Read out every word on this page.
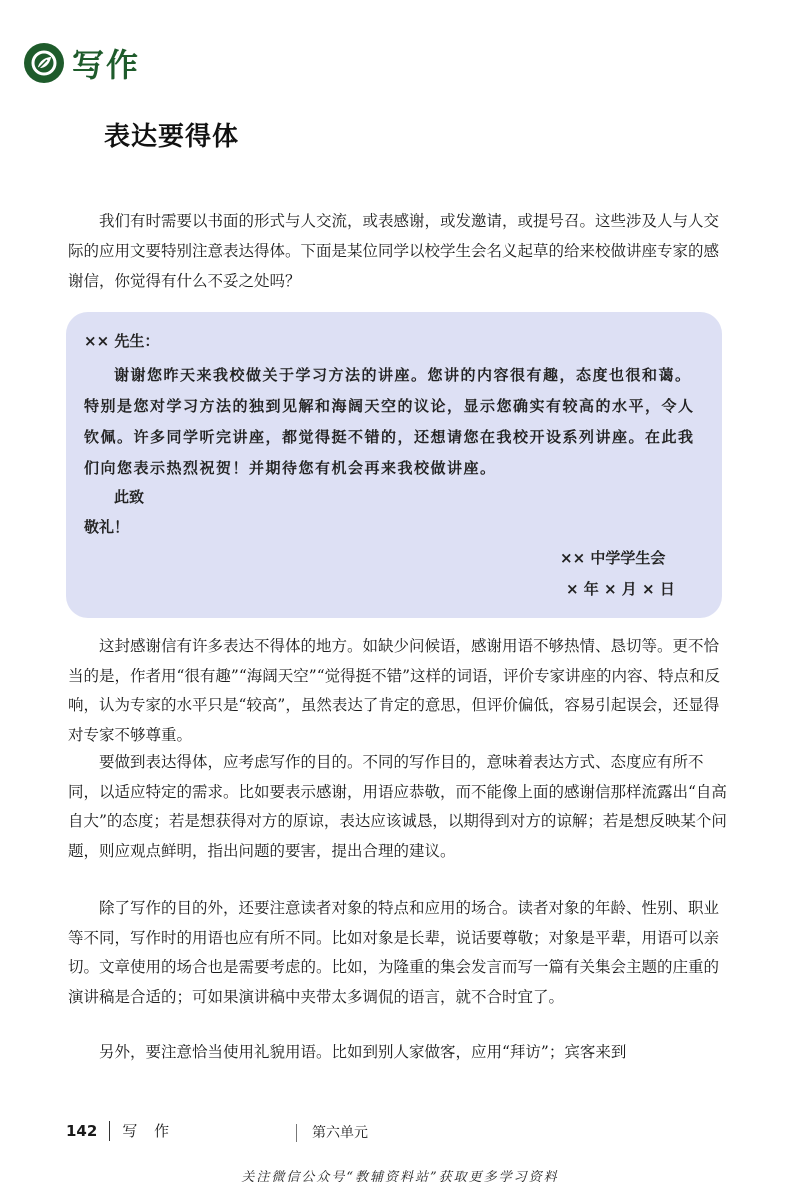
写作
表达要得体

我们有时需要以书面的形式与人交流，或表感谢，或发邀请，或提号召。这些涉及人与人交际的应用文要特别注意表达得体。下面是某位同学以校学生会名义起草的给来校做讲座专家的感谢信，你觉得有什么不妥之处吗？

×× 先生：

谢谢您昨天来我校做关于学习方法的讲座。您讲的内容很有趣，态度也很和蔼。特别是您对学习方法的独到见解和海阔天空的议论，显示您确实有较高的水平，令人钦佩。许多同学听完讲座，都觉得挺不错的，还想请您在我校开设系列讲座。在此我们向您表示热烈祝贺！并期待您有机会再来我校做讲座。

此致

敬礼！

×× 中学学生会

× 年 × 月 × 日

这封感谢信有许多表达不得体的地方。如缺少问候语，感谢用语不够热情、恳切等。更不恰当的是，作者用“很有趣”“海阔天空”“觉得挺不错”这样的词语，评价专家讲座的内容、特点和反响，认为专家的水平只是“较高”，虽然表达了肯定的意思，但评价偏低，容易引起误会，还显得对专家不够尊重。

要做到表达得体，应考虑写作的目的。不同的写作目的，意味着表达方式、态度应有所不同，以适应特定的需求。比如要表示感谢，用语应恭敬，而不能像上面的感谢信那样流露出“自高自大”的态度；若是想获得对方的原谅，表达应该诚恳，以期得到对方的谅解；若是想反映某个问题，则应观点鲜明，指出问题的要害，提出合理的建议。

除了写作的目的外，还要注意读者对象的特点和应用的场合。读者对象的年龄、性别、职业等不同，写作时的用语也应有所不同。比如对象是长辈，说话要尊敬；对象是平辈，用语可以亲切。文章使用的场合也是需要考虑的。比如，为隆重的集会发言而写一篇有关集会主题的庄重的演讲稿是合适的；可如果演讲稿中夹带太多调侃的语言，就不合时宜了。

另外，要注意恰当使用礼貌用语。比如到别人家做客，应用“拜访”；宾客来到

142 写 作	第六单元
关注微信公众号“教辅资料站”获取更多学习资料
